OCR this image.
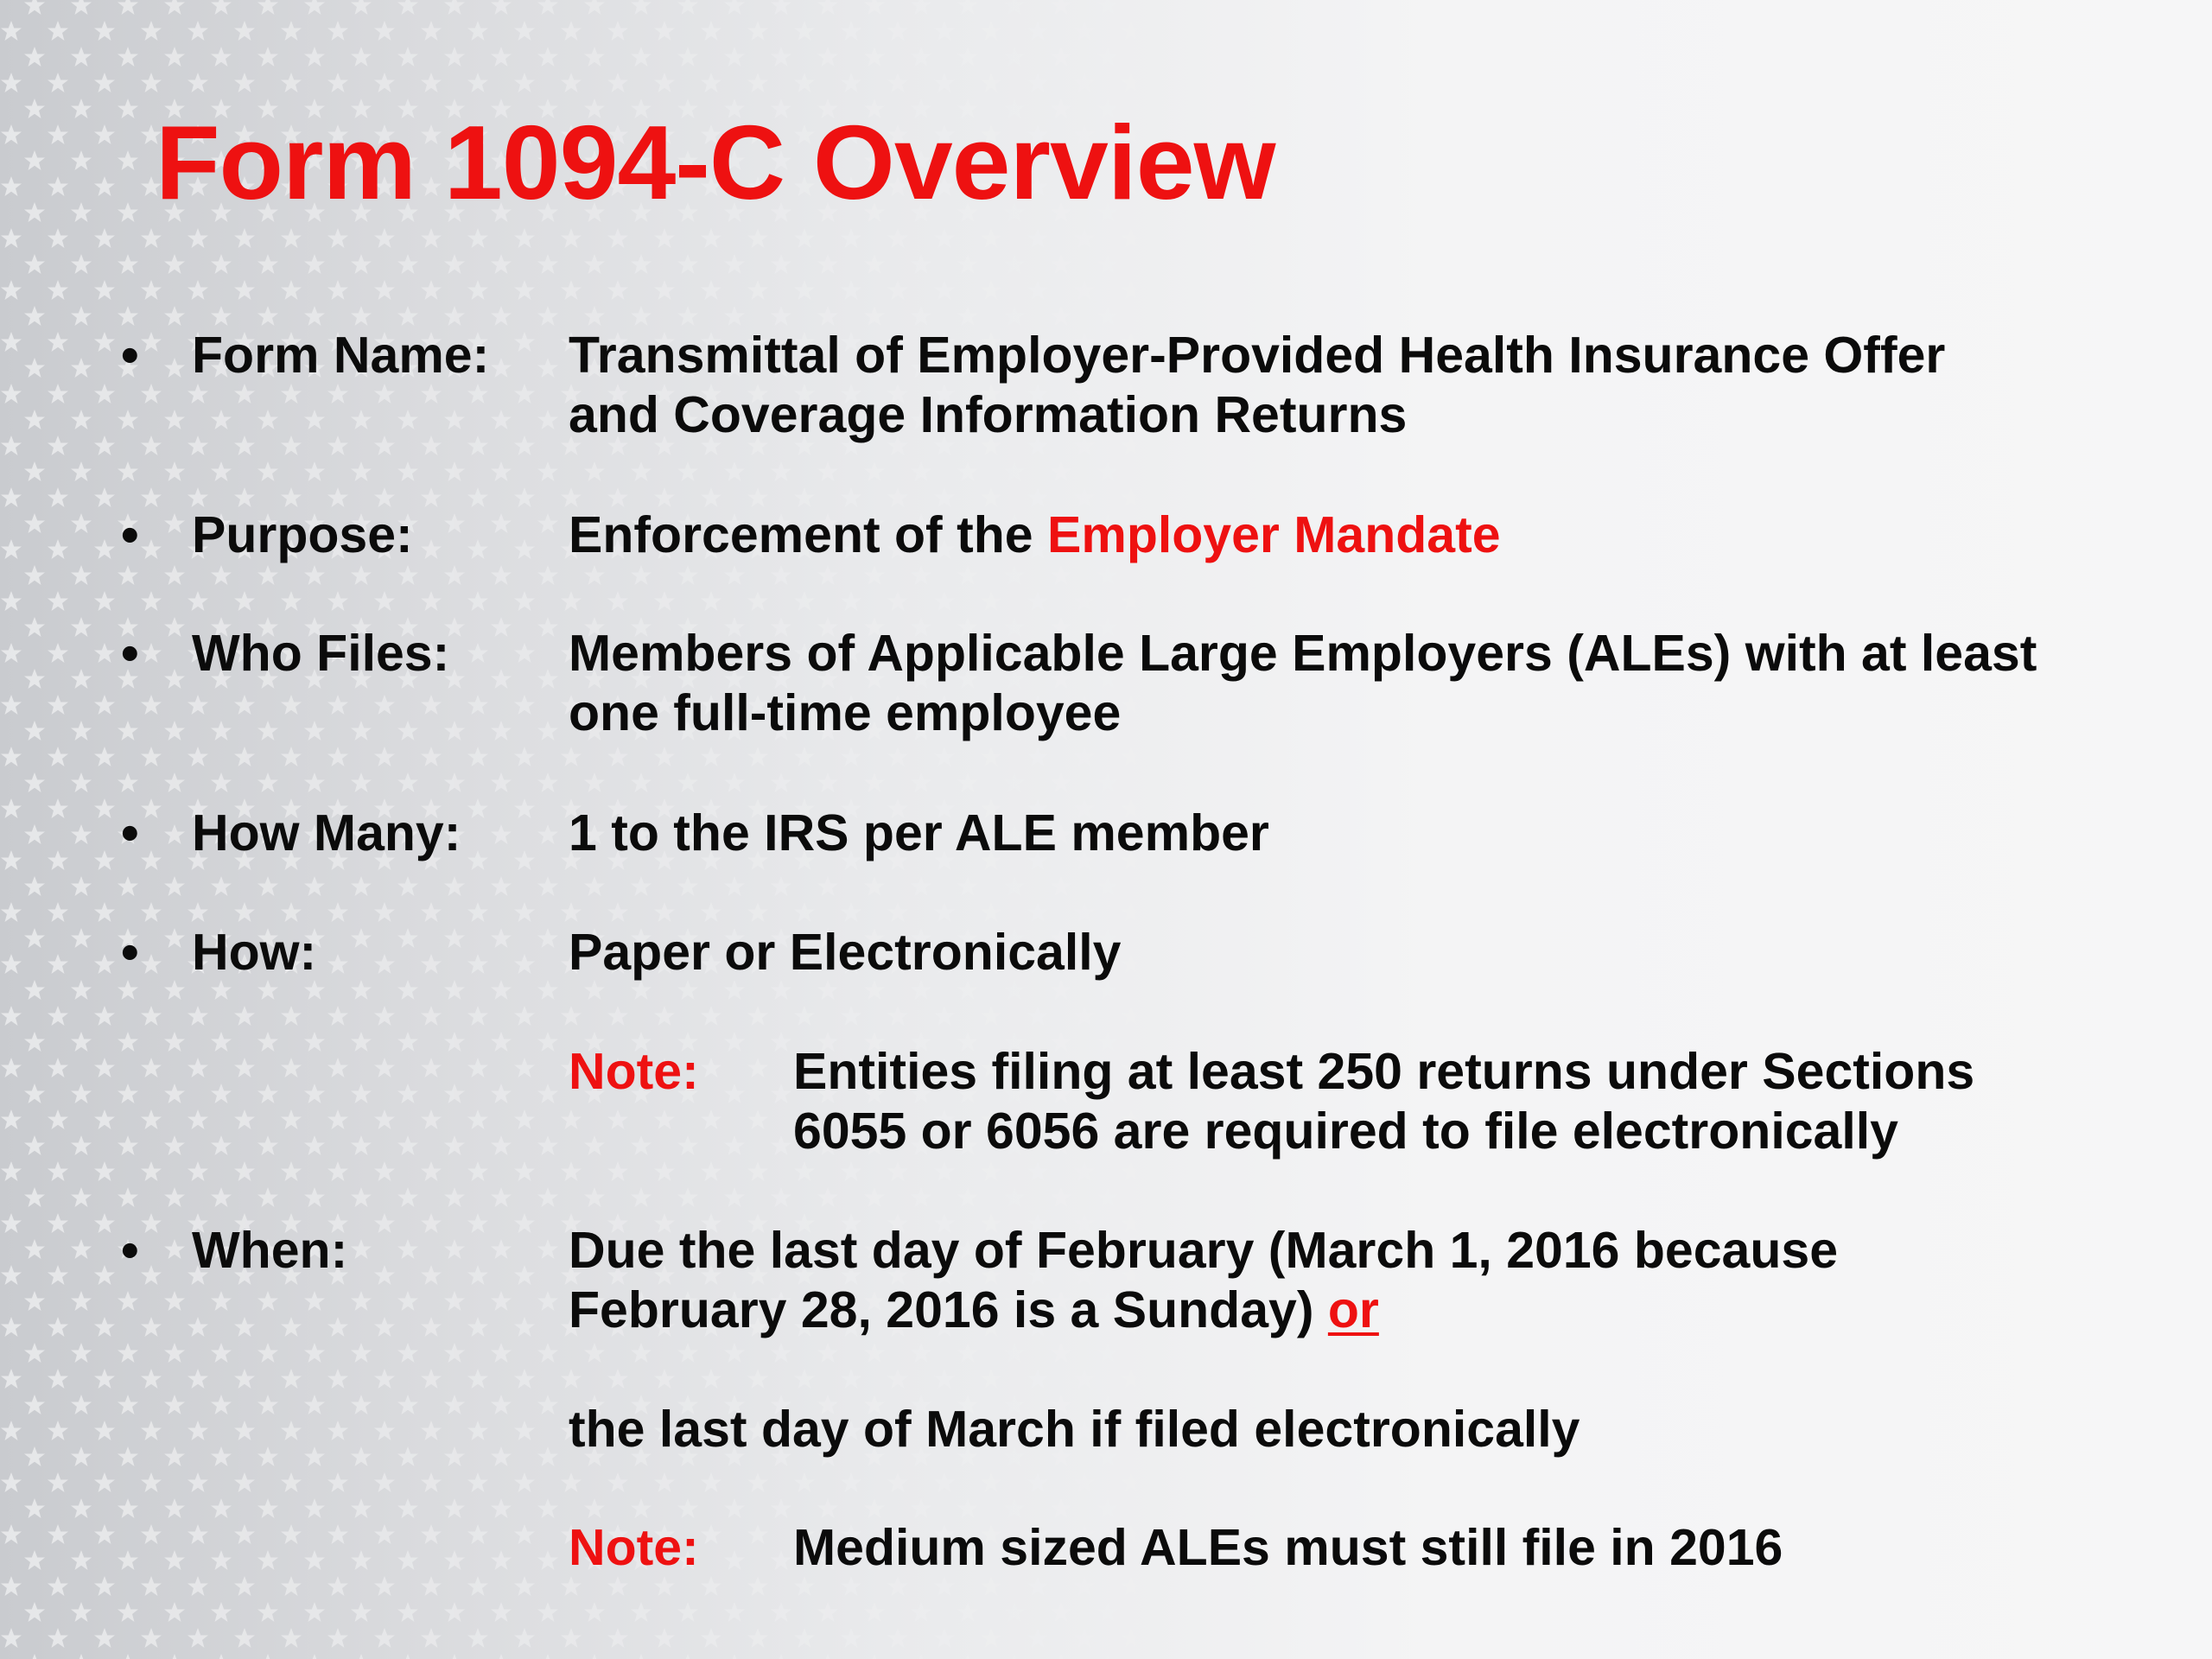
Form 1094-C Overview
• Form Name: Transmittal of Employer-Provided Health Insurance Offer
and Coverage Information Returns
• Purpose:	Enforcement of the Employer Mandate
• Who Files: Members of Applicable Large Employers (ALEs) with at least
one full-time employee
• How Many: 1 to the IRS per ALE member
• How:	Paper or Electronically
Note: Entities filing at least 250 returns under Sections
6055 or 6056 are required to file electronically
• When:	Due the last day of February (March 1, 2016 because
February 28, 2016 is a Sunday) or
the last day of March if filed electronically
Note: Medium sized ALEs must still file in 2016
